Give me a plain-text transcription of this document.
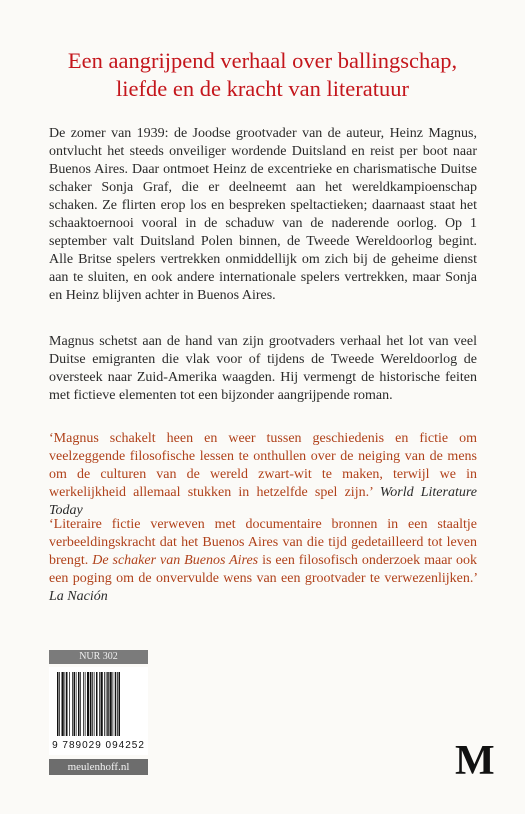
Een aangrijpend verhaal over ballingschap,
liefde en de kracht van literatuur

De zomer van 1939: de Joodse grootvader van de auteur, Heinz Magnus, ontvlucht het steeds onveiliger wordende Duitsland en reist per boot naar Buenos Aires. Daar ontmoet Heinz de excentrieke en charismatische Duitse schaker Sonja Graf, die er deelneemt aan het wereldkampioenschap schaken. Ze flirten erop los en bespreken speltactieken; daarnaast staat het schaaktoernooi vooral in de schaduw van de naderende oorlog. Op 1 september valt Duitsland Polen binnen, de Tweede Wereldoorlog begint. Alle Britse spelers vertrekken onmiddellijk om zich bij de geheime dienst aan te sluiten, en ook andere internationale spelers vertrekken, maar Sonja en Heinz blijven achter in Buenos Aires.

Magnus schetst aan de hand van zijn grootvaders verhaal het lot van veel Duitse emigranten die vlak voor of tijdens de Tweede Wereldoorlog de oversteek naar Zuid-Amerika waagden. Hij vermengt de historische feiten met fictieve elementen tot een bijzonder aangrijpende roman.

‘Magnus schakelt heen en weer tussen geschiedenis en fictie om veelzeggende filosofische lessen te onthullen over de neiging van de mens om de culturen van de wereld zwart-wit te maken, terwijl we in werkelijkheid allemaal stukken in hetzelfde spel zijn.’ World Literature Today

‘Literaire fictie verweven met documentaire bronnen in een staaltje verbeeldingskracht dat het Buenos Aires van die tijd gedetailleerd tot leven brengt. De schaker van Buenos Aires is een filosofisch onderzoek maar ook een poging om de onvervulde wens van een grootvader te verwezenlijken.’ La Nación

NUR 302
9 789029 094252
meulenhoff.nl	M
